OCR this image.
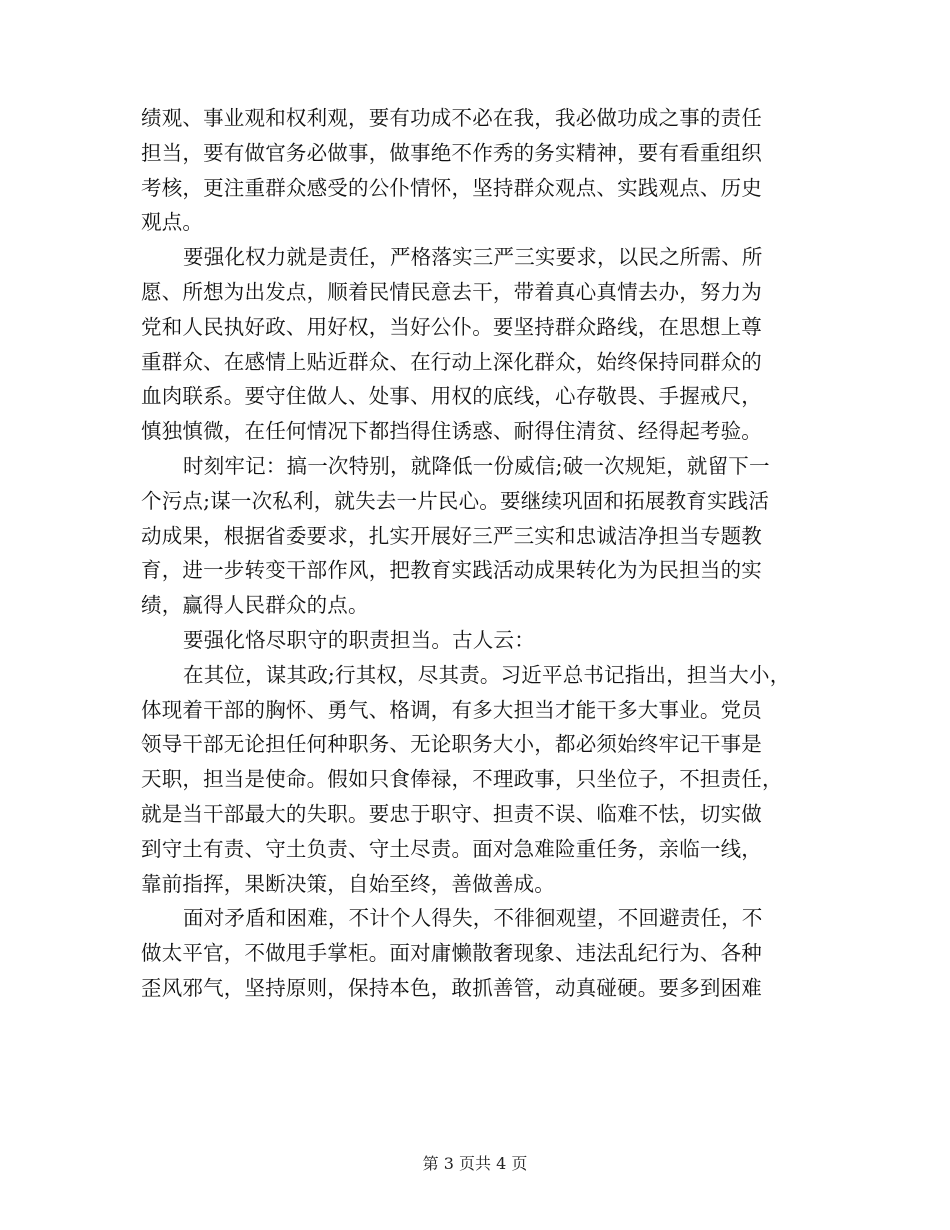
绩观、事业观和权利观，要有功成不必在我，我必做功成之事的责任
担当，要有做官务必做事，做事绝不作秀的务实精神，要有看重组织
考核，更注重群众感受的公仆情怀，坚持群众观点、实践观点、历史
观点。
要强化权力就是责任，严格落实三严三实要求，以民之所需、所
愿、所想为出发点，顺着民情民意去干，带着真心真情去办，努力为
党和人民执好政、用好权，当好公仆。要坚持群众路线，在思想上尊
重群众、在感情上贴近群众、在行动上深化群众，始终保持同群众的
血肉联系。要守住做人、处事、用权的底线，心存敬畏、手握戒尺，
慎独慎微，在任何情况下都挡得住诱惑、耐得住清贫、经得起考验。
时刻牢记：搞一次特别，就降低一份威信;破一次规矩，就留下一
个污点;谋一次私利，就失去一片民心。要继续巩固和拓展教育实践活
动成果，根据省委要求，扎实开展好三严三实和忠诚洁净担当专题教
育，进一步转变干部作风，把教育实践活动成果转化为为民担当的实
绩，赢得人民群众的点。
要强化恪尽职守的职责担当。古人云：
在其位，谋其政;行其权，尽其责。习近平总书记指出，担当大小，
体现着干部的胸怀、勇气、格调，有多大担当才能干多大事业。党员
领导干部无论担任何种职务、无论职务大小，都必须始终牢记干事是
天职，担当是使命。假如只食俸禄，不理政事，只坐位子，不担责任，
就是当干部最大的失职。要忠于职守、担责不误、临难不怯，切实做
到守土有责、守土负责、守土尽责。面对急难险重任务，亲临一线，
靠前指挥，果断决策，自始至终，善做善成。
面对矛盾和困难，不计个人得失，不徘徊观望，不回避责任，不
做太平官，不做甩手掌柜。面对庸懒散奢现象、违法乱纪行为、各种
歪风邪气，坚持原则，保持本色，敢抓善管，动真碰硬。要多到困难
第 3 页共 4 页
